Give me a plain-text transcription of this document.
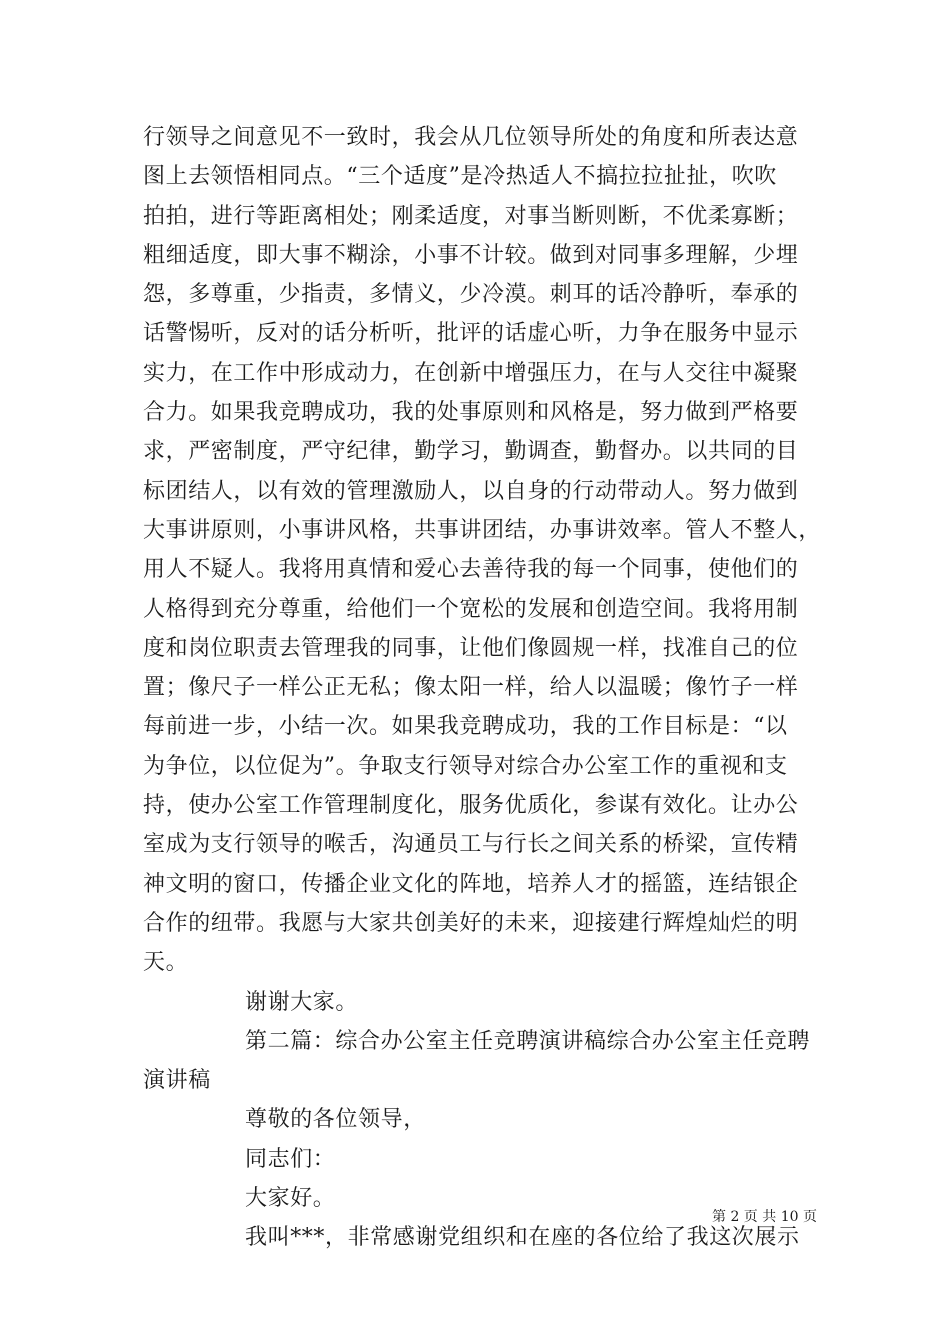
行领导之间意见不一致时，我会从几位领导所处的角度和所表达意
图上去领悟相同点。“三个适度”是冷热适人不搞拉拉扯扯，吹吹
拍拍，进行等距离相处；刚柔适度，对事当断则断，不优柔寡断；
粗细适度，即大事不糊涂，小事不计较。做到对同事多理解，少埋
怨，多尊重，少指责，多情义，少冷漠。刺耳的话冷静听，奉承的
话警惕听，反对的话分析听，批评的话虚心听，力争在服务中显示
实力，在工作中形成动力，在创新中增强压力，在与人交往中凝聚
合力。如果我竞聘成功，我的处事原则和风格是，努力做到严格要
求，严密制度，严守纪律，勤学习，勤调查，勤督办。以共同的目
标团结人，以有效的管理激励人，以自身的行动带动人。努力做到
大事讲原则，小事讲风格，共事讲团结，办事讲效率。管人不整人，
用人不疑人。我将用真情和爱心去善待我的每一个同事，使他们的
人格得到充分尊重，给他们一个宽松的发展和创造空间。我将用制
度和岗位职责去管理我的同事，让他们像圆规一样，找准自己的位
置；像尺子一样公正无私；像太阳一样，给人以温暖；像竹子一样
每前进一步，小结一次。如果我竞聘成功，我的工作目标是：“以
为争位，以位促为”。争取支行领导对综合办公室工作的重视和支
持，使办公室工作管理制度化，服务优质化，参谋有效化。让办公
室成为支行领导的喉舌，沟通员工与行长之间关系的桥梁，宣传精
神文明的窗口，传播企业文化的阵地，培养人才的摇篮，连结银企
合作的纽带。我愿与大家共创美好的未来，迎接建行辉煌灿烂的明
天。
谢谢大家。
第二篇：综合办公室主任竞聘演讲稿综合办公室主任竞聘
演讲稿
尊敬的各位领导，
同志们：
大家好。
我叫***，非常感谢党组织和在座的各位给了我这次展示
第 2 页 共 10 页
